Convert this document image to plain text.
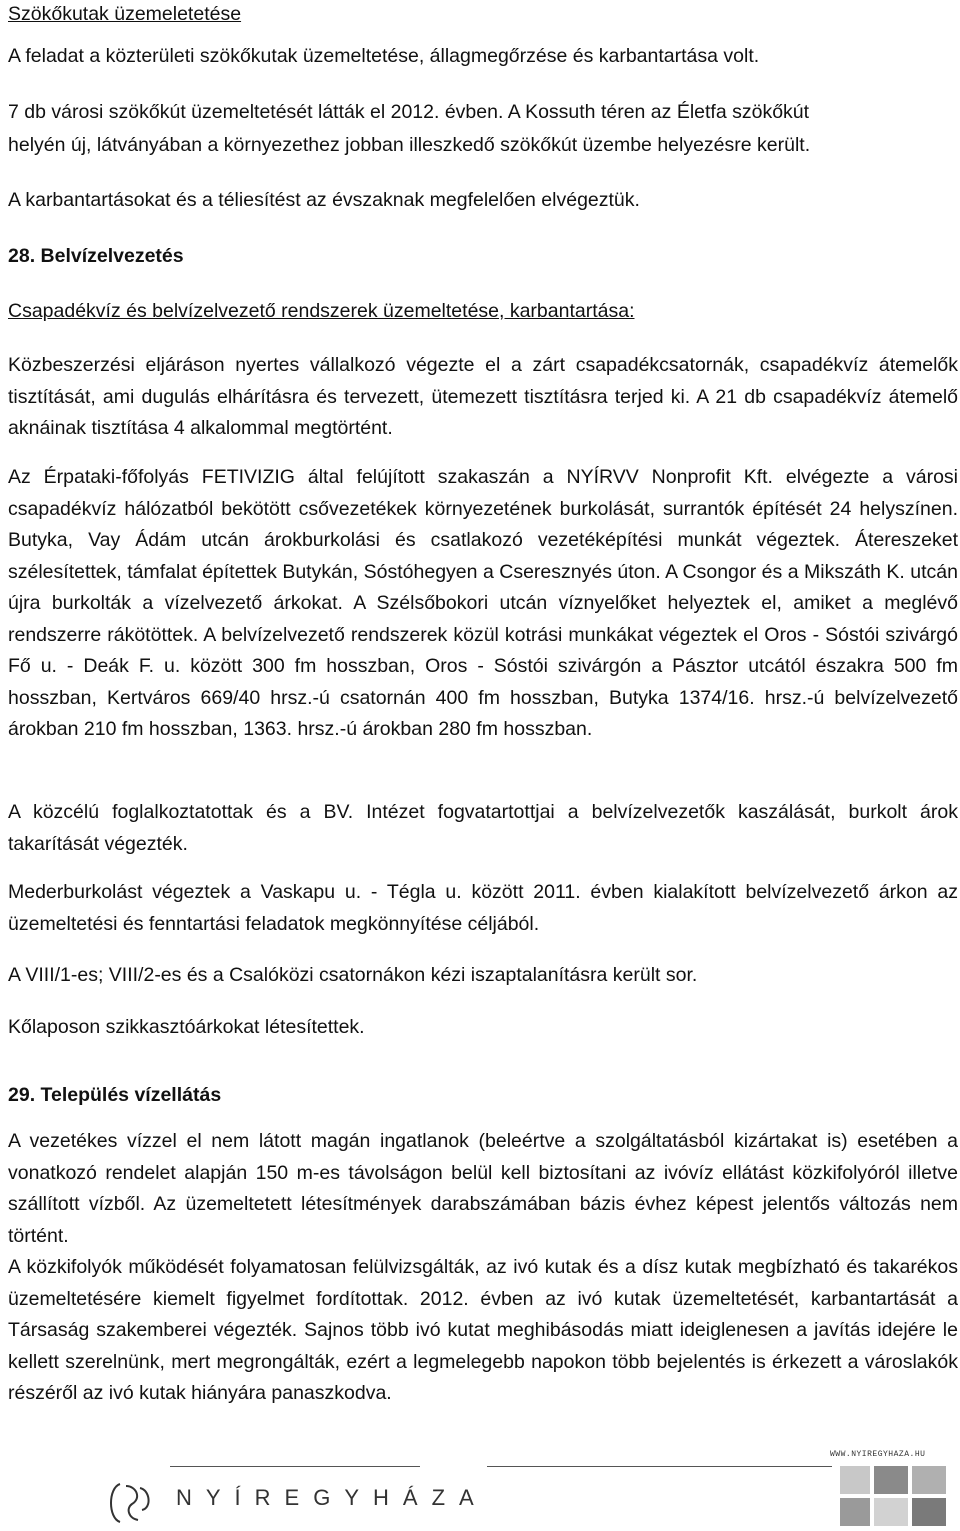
Szökőkutak üzemeletetése

A feladat a közterületi szökőkutak üzemeltetése, állagmegőrzése és karbantartása volt.

7 db városi szökőkút üzemeltetését látták el 2012. évben. A Kossuth téren az Életfa szökőkút

helyén új, látványában a környezethez jobban illeszkedő szökőkút üzembe helyezésre került.

A karbantartásokat és a téliesítést az évszaknak megfelelően elvégeztük.

28. Belvízelvezetés

Csapadékvíz és belvízelvezető rendszerek üzemeltetése, karbantartása:

Közbeszerzési eljáráson nyertes vállalkozó végezte el a zárt csapadékcsatornák, csapadékvíz átemelők tisztítását, ami dugulás elhárításra és tervezett, ütemezett tisztításra terjed ki. A 21 db csapadékvíz átemelő aknáinak tisztítása 4 alkalommal megtörtént.

Az Érpataki-főfolyás FETIVIZIG által felújított szakaszán a NYÍRVV Nonprofit Kft. elvégezte a városi csapadékvíz hálózatból bekötött csővezetékek környezetének burkolását, surrantók építését 24 helyszínen. Butyka, Vay Ádám utcán árokburkolási és csatlakozó vezetéképítési munkát végeztek. Átereszeket szélesítettek, támfalat építettek Butykán, Sóstóhegyen a Cseresznyés úton. A Csongor és a Mikszáth K. utcán újra burkolták a vízelvezető árkokat. A Szélsőbokori utcán víznyelőket helyeztek el, amiket a meglévő rendszerre rákötöttek. A belvízelvezető rendszerek közül kotrási munkákat végeztek el Oros - Sóstói szivárgó Fő u. - Deák F. u. között 300 fm hosszban, Oros - Sóstói szivárgón a Pásztor utcától északra 500 fm hosszban, Kertváros 669/40 hrsz.-ú csatornán 400 fm hosszban, Butyka 1374/16. hrsz.-ú belvízelvezető árokban 210 fm hosszban, 1363. hrsz.-ú árokban 280 fm hosszban.

A közcélú foglalkoztatottak és a BV. Intézet fogvatartottjai a belvízelvezetők kaszálását, burkolt árok takarítását végezték.

Mederburkolást végeztek a Vaskapu u. - Tégla u. között 2011. évben kialakított belvízelvezető árkon az üzemeltetési és fenntartási feladatok megkönnyítése céljából.

A VIII/1-es; VIII/2-es és a Csalóközi csatornákon kézi iszaptalanításra került sor.

Kőlaposon szikkasztóárkokat létesítettek.

29. Település vízellátás

A vezetékes vízzel el nem látott magán ingatlanok (beleértve a szolgáltatásból kizártakat is) esetében a vonatkozó rendelet alapján 150 m-es távolságon belül kell biztosítani az ivóvíz ellátást közkifolyóról illetve szállított vízből. Az üzemeltetett létesítmények darabszámában bázis évhez képest jelentős változás nem történt.

A közkifolyók működését folyamatosan felülvizsgálták, az ivó kutak és a dísz kutak megbízható és takarékos üzemeltetésére kiemelt figyelmet fordítottak. 2012. évben az ivó kutak üzemeltetését, karbantartását a Társaság szakemberei végezték. Sajnos több ivó kutat meghibásodás miatt ideiglenesen a javítás idejére le kellett szerelnünk, mert megrongálták, ezért a legmelegebb napokon több bejelentés is érkezett a városlakók részéről az ivó kutak hiányára panaszkodva.

WWW.NYIREGYHAZA.HU
NYÍREGYHÁZA
